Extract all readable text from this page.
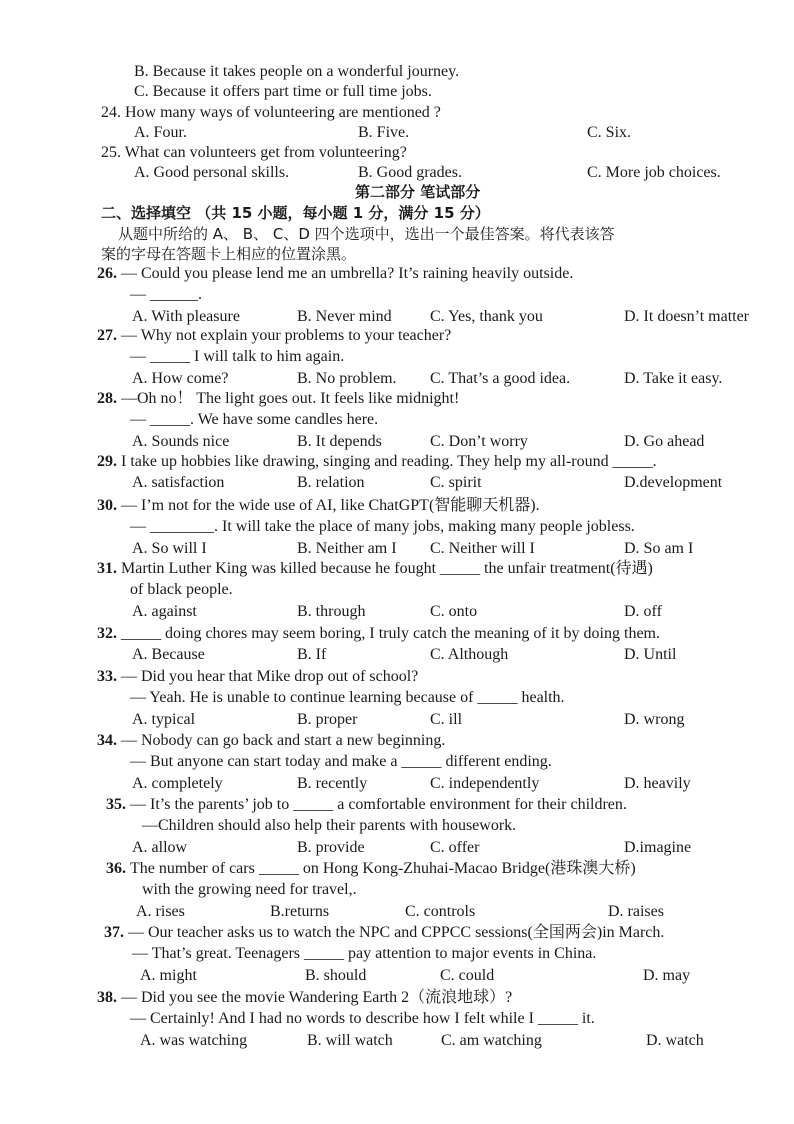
B. Because it takes people on a wonderful journey.
C. Because it offers part time or full time jobs.
24. How many ways of volunteering are mentioned ?
A. Four.	B. Five.	C. Six.
25. What can volunteers get from volunteering?
A. Good personal skills.	B. Good grades.	C. More job choices.
第二部分 笔试部分
二、选择填空 （共 15 小题，每小题 1 分，满分 15 分）
从题中所给的 A、 B、 C、D 四个选项中，选出一个最佳答案。将代表该答
案的字母在答题卡上相应的位置涂黑。
26. — Could you please lend me an umbrella? It’s raining heavily outside.
— ______.
A. With pleasure	B. Never mind C. Yes, thank you	D. It doesn’t matter
27. — Why not explain your problems to your teacher?
— _____ I will talk to him again.
A. How come?	B. No problem. C. That’s a good idea.	D. Take it easy.
28. —Oh no！ The light goes out. It feels like midnight!
— _____. We have some candles here.
A. Sounds nice	B. It depends	C. Don’t worry	D. Go ahead
29. I take up hobbies like drawing, singing and reading. They help my all-round _____.
A. satisfaction	B. relation	C. spirit	D.development
30. — I’m not for the wide use of AI, like ChatGPT(智能聊天机器).
— ________. It will take the place of many jobs, making many people jobless.
A. So will I	B. Neither am I C. Neither will I	D. So am I
31. Martin Luther King was killed because he fought _____ the unfair treatment(待遇)
of black people.
A. against	B. through	C. onto	D. off
32. _____ doing chores may seem boring, I truly catch the meaning of it by doing them.
A. Because	B. If	C. Although	D. Until
33. — Did you hear that Mike drop out of school?
— Yeah. He is unable to continue learning because of _____ health.
A. typical	B. proper	C. ill	D. wrong
34. — Nobody can go back and start a new beginning.
— But anyone can start today and make a _____ different ending.
A. completely	B. recently	C. independently	D. heavily
35. — It’s the parents’ job to _____ a comfortable environment for their children.
—Children should also help their parents with housework.
A. allow	B. provide	C. offer	D.imagine
36. The number of cars _____ on Hong Kong-Zhuhai-Macao Bridge(港珠澳大桥)
with the growing need for travel,.
A. rises	B.returns	C. controls	D. raises
37. — Our teacher asks us to watch the NPC and CPPCC sessions(全国两会)in March.
— That’s great. Teenagers _____ pay attention to major events in China.
A. might	B. should	C. could	D. may
38. — Did you see the movie Wandering Earth 2（流浪地球）?
— Certainly! And I had no words to describe how I felt while I _____ it.
A. was watching	B. will watch	C. am watching	D. watch
